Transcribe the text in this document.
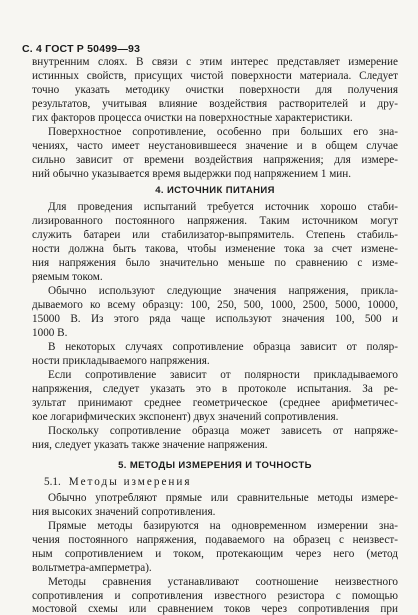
С. 4 ГОСТ Р 50499—93
внутренним слоях. В связи с этим интерес представляет измерение
истинных свойств, присущих чистой поверхности материала. Следует
точно указать методику очистки поверхности для получения
результатов, учитывая влияние воздействия растворителей и дру-
гих факторов процесса очистки на поверхностные характеристики.
Поверхностное сопротивление, особенно при больших его зна-
чениях, часто имеет неустановившееся значение и в общем случае
сильно зависит от времени воздействия напряжения; для измере-
ний обычно указывается время выдержки под напряжением 1 мин.
4. ИСТОЧНИК ПИТАНИЯ
Для проведения испытаний требуется источник хорошо стаби-
лизированного постоянного напряжения. Таким источником могут
служить батареи или стабилизатор-выпрямитель. Степень стабиль-
ности должна быть такова, чтобы изменение тока за счет измене-
ния напряжения было значительно меньше по сравнению с изме-
ряемым током.
Обычно используют следующие значения напряжения, прикла-
дываемого ко всему образцу: 100, 250, 500, 1000, 2500, 5000, 10000,
15000 В. Из этого ряда чаще используют значения 100, 500 и
1000 В.
В некоторых случаях сопротивление образца зависит от поляр-
ности прикладываемого напряжения.
Если сопротивление зависит от полярности прикладываемого
напряжения, следует указать это в протоколе испытания. За ре-
зультат принимают среднее геометрическое (среднее арифметичес-
кое логарифмических экспонент) двух значений сопротивления.
Поскольку сопротивление образца может зависеть от напряже-
ния, следует указать также значение напряжения.
5. МЕТОДЫ ИЗМЕРЕНИЯ И ТОЧНОСТЬ
5.1. Методы измерения
Обычно употребляют прямые или сравнительные методы измере-
ния высоких значений сопротивления.
Прямые методы базируются на одновременном измерении зна-
чения постоянного напряжения, подаваемого на образец с неизвест-
ным сопротивлением и током, протекающим через него (метод
вольтметра-амперметра).
Методы сравнения устанавливают соотношение неизвестного
сопротивления и сопротивления известного резистора с помощью
мостовой схемы или сравнением токов через сопротивления при
